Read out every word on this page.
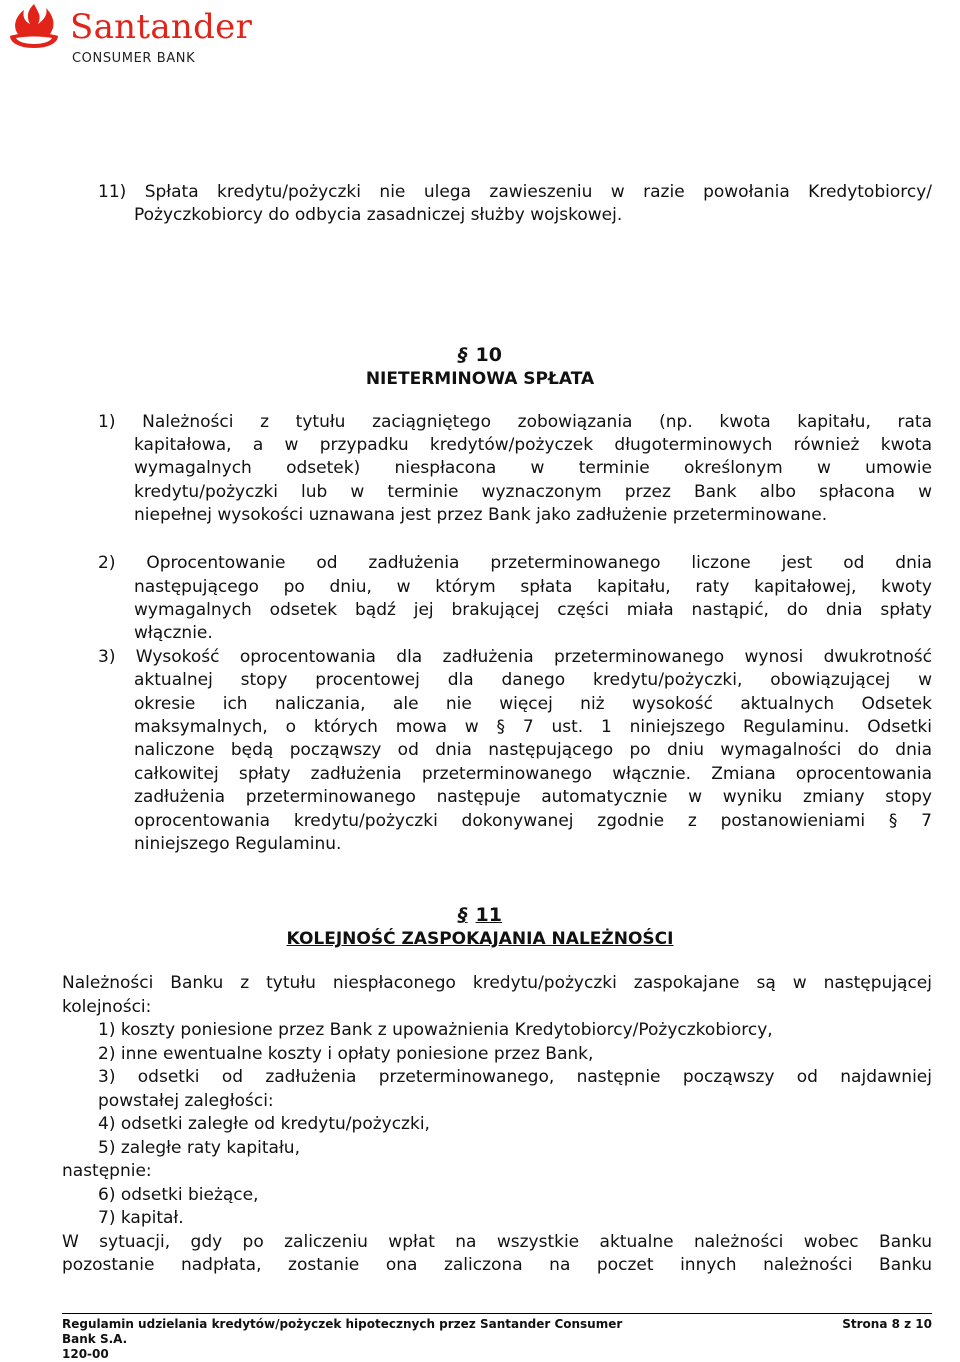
Santander
CONSUMER BANK
11) Spłata kredytu/pożyczki nie ulega zawieszeniu w razie powołania Kredytobiorcy/
Pożyczkobiorcy do odbycia zasadniczej służby wojskowej.
§ 10
NIETERMINOWA SPŁATA
1) Należności z tytułu zaciągniętego zobowiązania (np. kwota kapitału, rata
kapitałowa, a w przypadku kredytów/pożyczek długoterminowych również kwota
wymagalnych odsetek) niespłacona w terminie określonym w umowie
kredytu/pożyczki lub w terminie wyznaczonym przez Bank albo spłacona w
niepełnej wysokości uznawana jest przez Bank jako zadłużenie przeterminowane.
2) Oprocentowanie od zadłużenia przeterminowanego liczone jest od dnia
następującego po dniu, w którym spłata kapitału, raty kapitałowej, kwoty
wymagalnych odsetek bądź jej brakującej części miała nastąpić, do dnia spłaty
włącznie.
3) Wysokość oprocentowania dla zadłużenia przeterminowanego wynosi dwukrotność
aktualnej stopy procentowej dla danego kredytu/pożyczki, obowiązującej w
okresie ich naliczania, ale nie więcej niż wysokość aktualnych Odsetek
maksymalnych, o których mowa w § 7 ust. 1 niniejszego Regulaminu. Odsetki
naliczone będą począwszy od dnia następującego po dniu wymagalności do dnia
całkowitej spłaty zadłużenia przeterminowanego włącznie. Zmiana oprocentowania
zadłużenia przeterminowanego następuje automatycznie w wyniku zmiany stopy
oprocentowania kredytu/pożyczki dokonywanej zgodnie z postanowieniami § 7
niniejszego Regulaminu.
§ 11
KOLEJNOŚĆ ZASPOKAJANIA NALEŻNOŚCI
Należności Banku z tytułu niespłaconego kredytu/pożyczki zaspokajane są w następującej
kolejności:
1) koszty poniesione przez Bank z upoważnienia Kredytobiorcy/Pożyczkobiorcy,
2) inne ewentualne koszty i opłaty poniesione przez Bank,
3) odsetki od zadłużenia przeterminowanego, następnie począwszy od najdawniej
powstałej zaległości:
4) odsetki zaległe od kredytu/pożyczki,
5) zaległe raty kapitału,
następnie:
6) odsetki bieżące,
7) kapitał.
W sytuacji, gdy po zaliczeniu wpłat na wszystkie aktualne należności wobec Banku
pozostanie nadpłata, zostanie ona zaliczona na poczet innych należności Banku
Regulamin udzielania kredytów/pożyczek hipotecznych przez Santander Consumer
Bank S.A.
120-00
Strona 8 z 10
